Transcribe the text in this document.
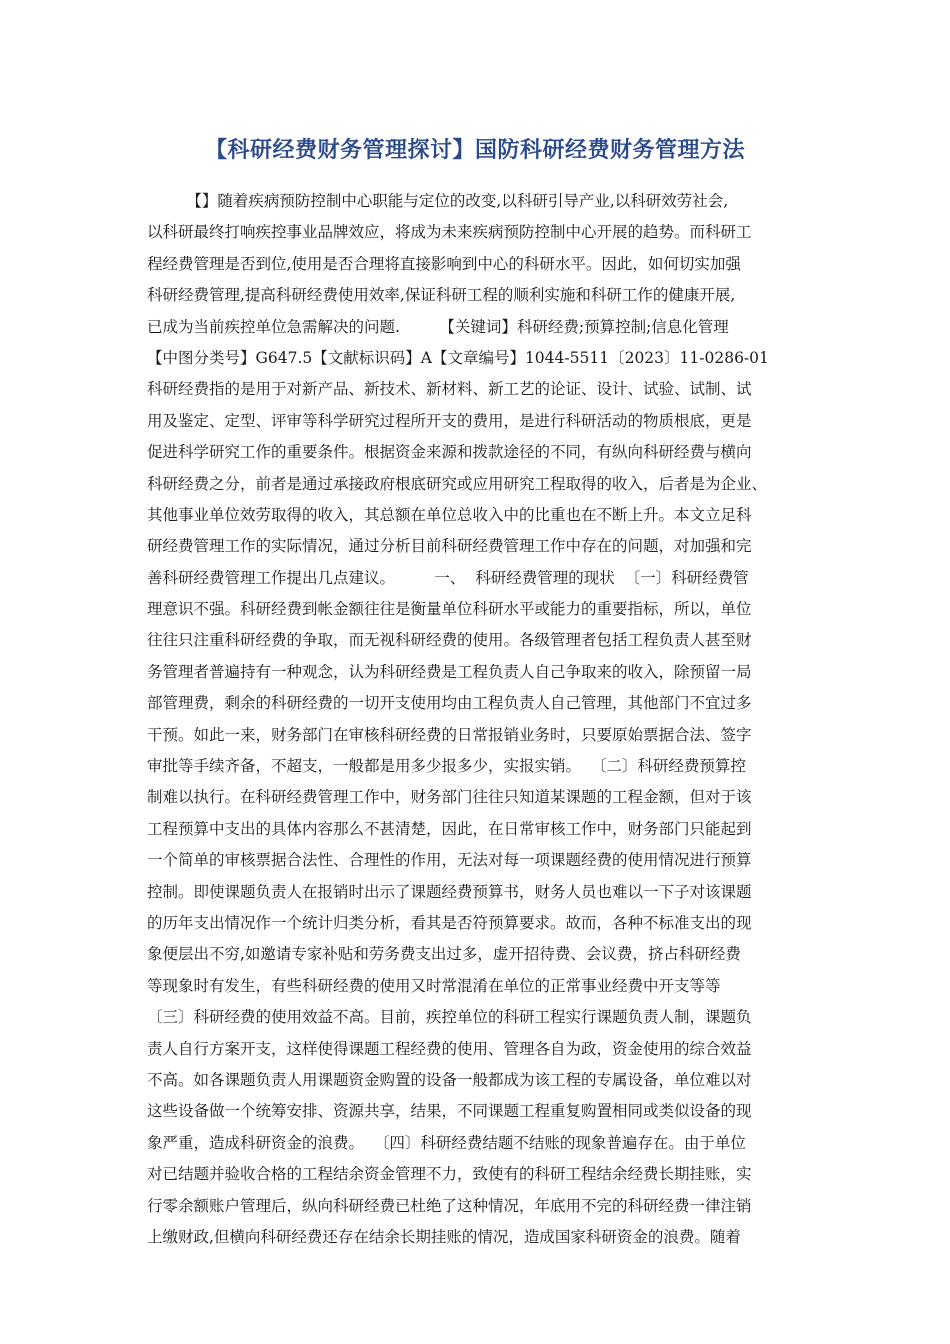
【科研经费财务管理探讨】国防科研经费财务管理方法
【】随着疾病预防控制中心职能与定位的改变,以科研引导产业,以科研效劳社会,
以科研最终打响疾控事业品牌效应，将成为未来疾病预防控制中心开展的趋势。而科研工
程经费管理是否到位,使用是否合理将直接影响到中心的科研水平。因此，如何切实加强
科研经费管理,提高科研经费使用效率,保证科研工程的顺利实施和科研工作的健康开展,
已成为当前疾控单位急需解决的问题.        【关键词】科研经费;预算控制;信息化管理
【中图分类号】G647.5【文献标识码】A【文章编号】1044-5511〔2023〕11-0286-01
科研经费指的是用于对新产品、新技术、新材料、新工艺的论证、设计、试验、试制、试
用及鉴定、定型、评审等科学研究过程所开支的费用，是进行科研活动的物质根底，更是
促进科学研究工作的重要条件。根据资金来源和拨款途径的不同，有纵向科研经费与横向
科研经费之分，前者是通过承接政府根底研究或应用研究工程取得的收入，后者是为企业、
其他事业单位效劳取得的收入，其总额在单位总收入中的比重也在不断上升。本文立足科
研经费管理工作的实际情况，通过分析目前科研经费管理工作中存在的问题，对加强和完
善科研经费管理工作提出几点建议。        一、  科研经费管理的现状  〔一〕科研经费管
理意识不强。科研经费到帐金额往往是衡量单位科研水平或能力的重要指标，所以，单位
往往只注重科研经费的争取，而无视科研经费的使用。各级管理者包括工程负责人甚至财
务管理者普遍持有一种观念，认为科研经费是工程负责人自己争取来的收入，除预留一局
部管理费，剩余的科研经费的一切开支使用均由工程负责人自己管理，其他部门不宜过多
干预。如此一来，财务部门在审核科研经费的日常报销业务时，只要原始票据合法、签字
审批等手续齐备，不超支，一般都是用多少报多少，实报实销。  〔二〕科研经费预算控
制难以执行。在科研经费管理工作中，财务部门往往只知道某课题的工程金额，但对于该
工程预算中支出的具体内容那么不甚清楚，因此，在日常审核工作中，财务部门只能起到
一个简单的审核票据合法性、合理性的作用，无法对每一项课题经费的使用情况进行预算
控制。即使课题负责人在报销时出示了课题经费预算书，财务人员也难以一下子对该课题
的历年支出情况作一个统计归类分析，看其是否符预算要求。故而，各种不标准支出的现
象便层出不穷,如邀请专家补贴和劳务费支出过多，虚开招待费、会议费，挤占科研经费
等现象时有发生，有些科研经费的使用又时常混淆在单位的正常事业经费中开支等等
〔三〕科研经费的使用效益不高。目前，疾控单位的科研工程实行课题负责人制，课题负
责人自行方案开支，这样使得课题工程经费的使用、管理各自为政，资金使用的综合效益
不高。如各课题负责人用课题资金购置的设备一般都成为该工程的专属设备，单位难以对
这些设备做一个统筹安排、资源共享，结果，不同课题工程重复购置相同或类似设备的现
象严重，造成科研资金的浪费。  〔四〕科研经费结题不结账的现象普遍存在。由于单位
对已结题并验收合格的工程结余资金管理不力，致使有的科研工程结余经费长期挂账，实
行零余额账户管理后，纵向科研经费已杜绝了这种情况，年底用不完的科研经费一律注销
上缴财政,但横向科研经费还存在结余长期挂账的情况，造成国家科研资金的浪费。随着
